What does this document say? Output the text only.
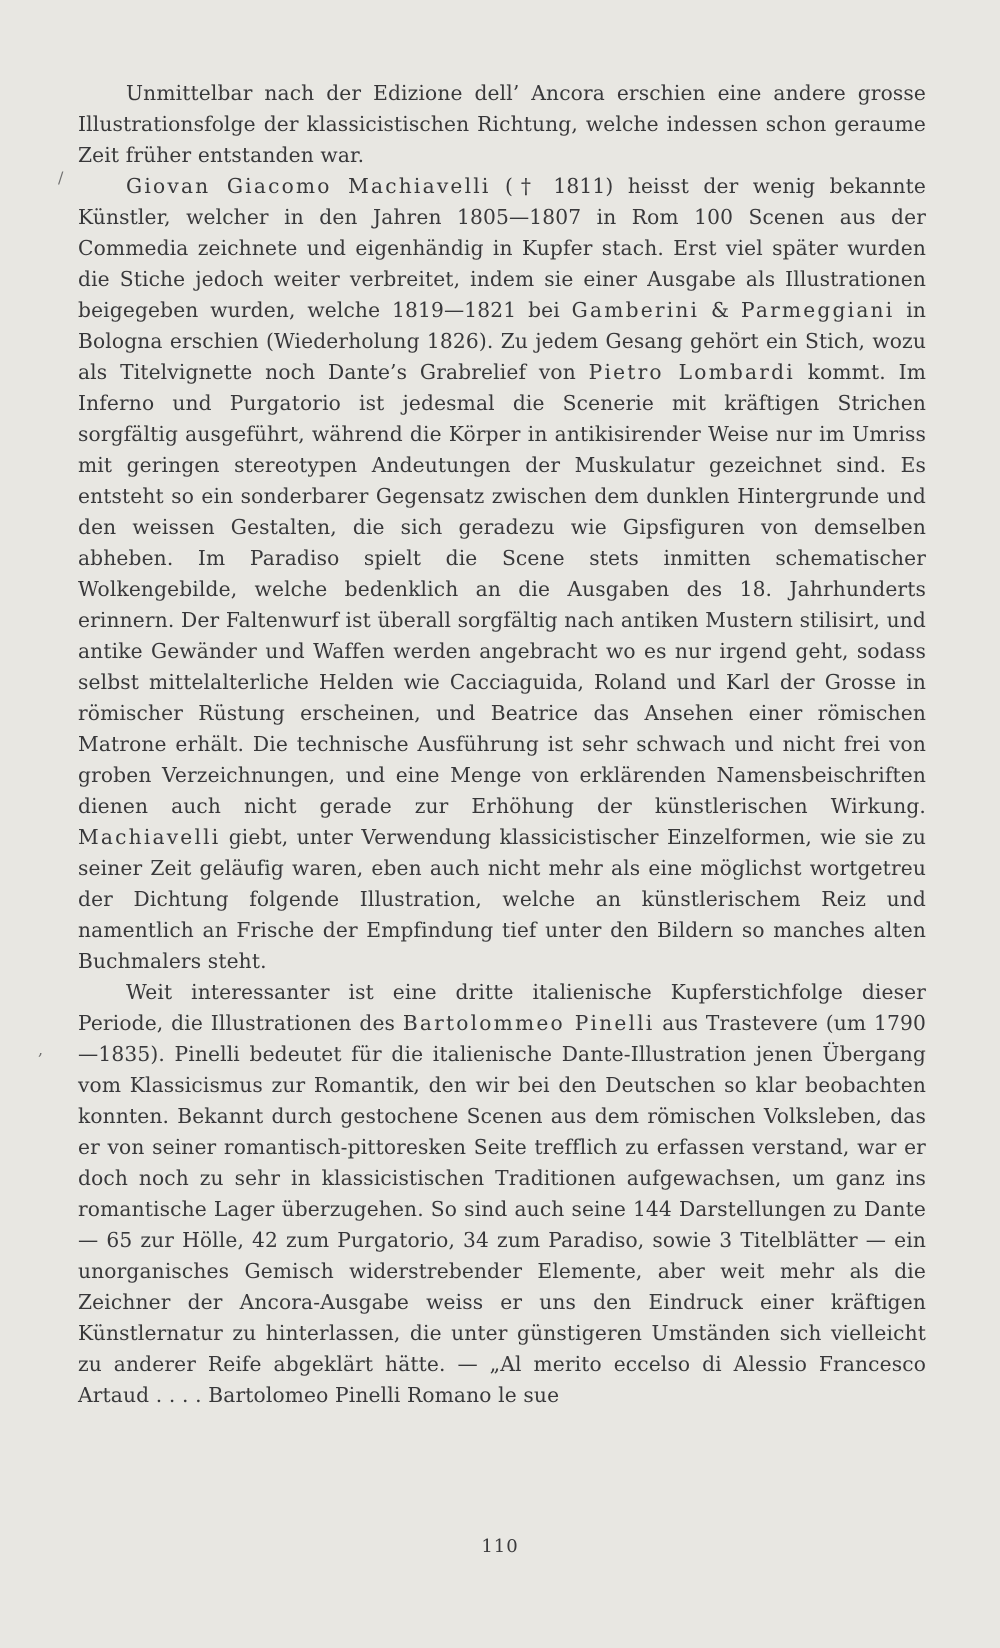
Unmittelbar nach der Edizione dell’ Ancora erschien eine andere grosse Illustrationsfolge der klassicistischen Richtung, welche indessen schon geraume Zeit früher entstanden war.

Giovan Giacomo Machiavelli († 1811) heisst der wenig bekannte Künstler, welcher in den Jahren 1805—1807 in Rom 100 Scenen aus der Commedia zeichnete und eigenhändig in Kupfer stach. Erst viel später wurden die Stiche jedoch weiter verbreitet, indem sie einer Ausgabe als Illustrationen beigegeben wurden, welche 1819—1821 bei Gamberini & Parmeggiani in Bologna erschien (Wiederholung 1826). Zu jedem Gesang gehört ein Stich, wozu als Titelvignette noch Dante’s Grabrelief von Pietro Lombardi kommt. Im Inferno und Purgatorio ist jedesmal die Scenerie mit kräftigen Strichen sorgfältig ausgeführt, während die Körper in antikisirender Weise nur im Umriss mit geringen stereotypen Andeutungen der Muskulatur gezeichnet sind. Es entsteht so ein sonderbarer Gegensatz zwischen dem dunklen Hintergrunde und den weissen Gestalten, die sich geradezu wie Gipsfiguren von demselben abheben. Im Paradiso spielt die Scene stets inmitten schematischer Wolkengebilde, welche bedenklich an die Ausgaben des 18. Jahrhunderts erinnern. Der Faltenwurf ist überall sorgfältig nach antiken Mustern stilisirt, und antike Gewänder und Waffen werden angebracht wo es nur irgend geht, sodass selbst mittelalterliche Helden wie Cacciaguida, Roland und Karl der Grosse in römischer Rüstung erscheinen, und Beatrice das Ansehen einer römischen Matrone erhält. Die technische Ausführung ist sehr schwach und nicht frei von groben Verzeichnungen, und eine Menge von erklärenden Namensbeischriften dienen auch nicht gerade zur Erhöhung der künstlerischen Wirkung. Machiavelli giebt, unter Verwendung klassicistischer Einzelformen, wie sie zu seiner Zeit geläufig waren, eben auch nicht mehr als eine möglichst wortgetreu der Dichtung folgende Illustration, welche an künstlerischem Reiz und namentlich an Frische der Empfindung tief unter den Bildern so manches alten Buchmalers steht.

Weit interessanter ist eine dritte italienische Kupferstichfolge dieser Periode, die Illustrationen des Bartolommeo Pinelli aus Trastevere (um 1790—1835). Pinelli bedeutet für die italienische Dante-Illustration jenen Übergang vom Klassicismus zur Romantik, den wir bei den Deutschen so klar beobachten konnten. Bekannt durch gestochene Scenen aus dem römischen Volksleben, das er von seiner romantisch-pittoresken Seite trefflich zu erfassen verstand, war er doch noch zu sehr in klassicistischen Traditionen aufgewachsen, um ganz ins romantische Lager überzugehen. So sind auch seine 144 Darstellungen zu Dante — 65 zur Hölle, 42 zum Purgatorio, 34 zum Paradiso, sowie 3 Titelblätter — ein unorganisches Gemisch widerstrebender Elemente, aber weit mehr als die Zeichner der Ancora-Ausgabe weiss er uns den Eindruck einer kräftigen Künstlernatur zu hinterlassen, die unter günstigeren Umständen sich vielleicht zu anderer Reife abgeklärt hätte. — „Al merito eccelso di Alessio Francesco Artaud . . . . Bartolomeo Pinelli Romano le sue

/
,
110
